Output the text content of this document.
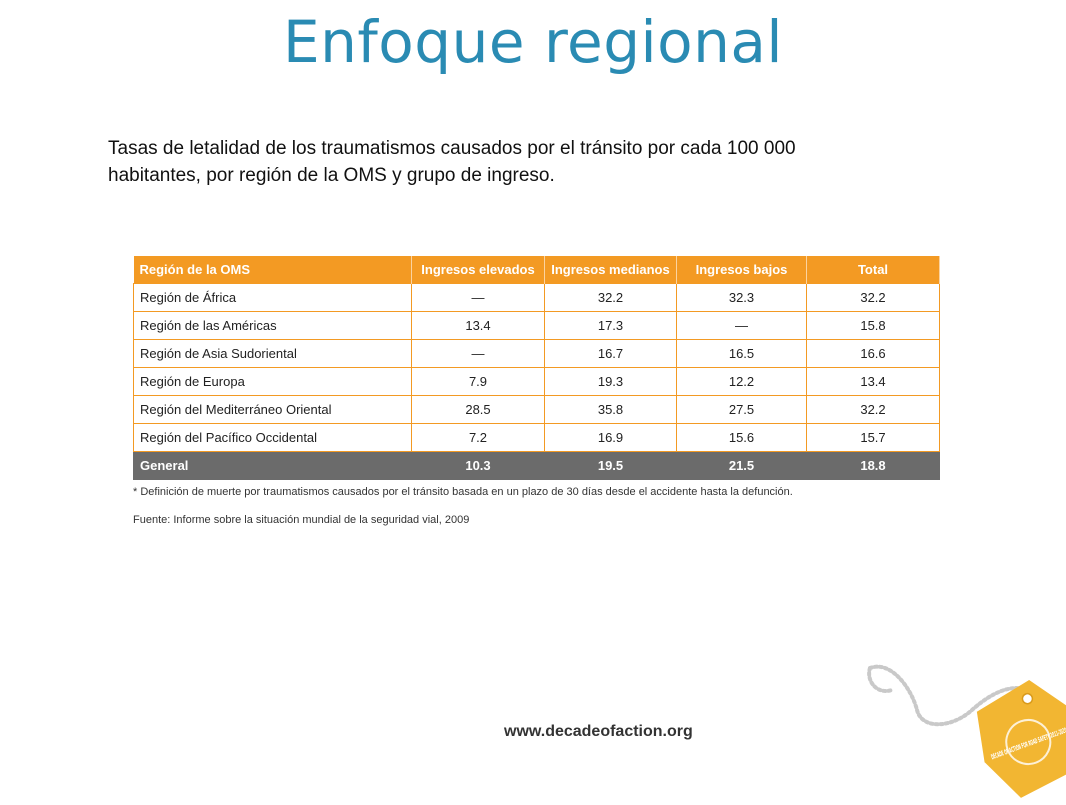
Enfoque regional
Tasas de letalidad de los traumatismos causados por el tránsito por cada 100 000 habitantes, por región de la OMS y grupo de ingreso.
Región de la OMS	Ingresos elevados	Ingresos medianos	Ingresos bajos	Total
Región de África	—	32.2	32.3	32.2
Región de las Américas	13.4	17.3	—	15.8
Región de Asia Sudoriental	—	16.7	16.5	16.6
Región de Europa	7.9	19.3	12.2	13.4
Región del Mediterráneo Oriental	28.5	35.8	27.5	32.2
Región del Pacífico Occidental	7.2	16.9	15.6	15.7
General	10.3	19.5	21.5	18.8
* Definición de muerte por traumatismos causados por el tránsito basada en un plazo de 30 días desde el accidente hasta la defunción.
Fuente: Informe sobre la situación mundial de la seguridad vial, 2009
www.decadeofaction.org
